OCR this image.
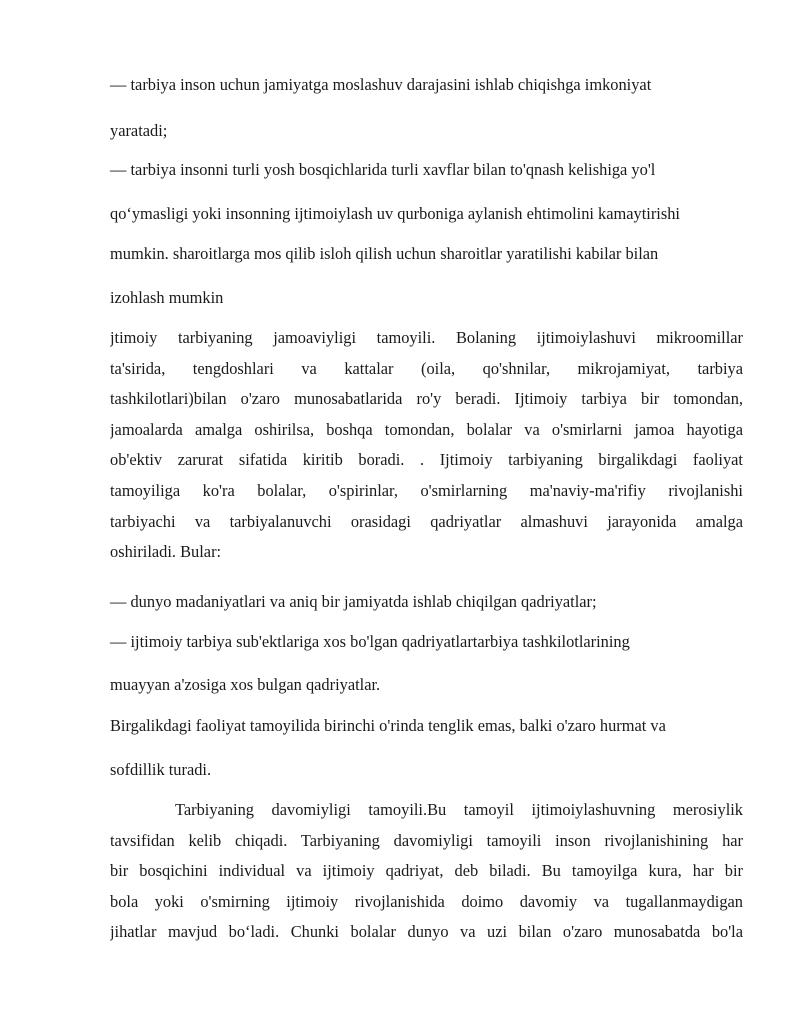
— tarbiya inson uchun jamiyatga moslashuv darajasini ishlab chiqishga imkoniyat
yaratadi;
— tarbiya insonni turli yosh bosqichlarida turli xavflar bilan to'qnash kelishiga yo'l
qo‘ymasligi yoki insonning ijtimoiylash uv qurboniga aylanish ehtimolini kamaytirishi
mumkin. sharoitlarga mos qilib isloh qilish uchun sharoitlar yaratilishi kabilar bilan
izohlash mumkin
jtimoiy tarbiyaning jamoaviyligi tamoyili. Bolaning ijtimoiylashuvi mikroomillar
ta'sirida, tengdoshlari va kattalar (oila, qo'shnilar, mikrojamiyat, tarbiya
tashkilotlari)bilan o'zaro munosabatlarida ro'y beradi. Ijtimoiy tarbiya bir tomondan,
jamoalarda amalga oshirilsa, boshqa tomondan, bolalar va o'smirlarni jamoa hayotiga
ob'ektiv zarurat sifatida kiritib boradi. . Ijtimoiy tarbiyaning birgalikdagi faoliyat
tamoyiliga ko'ra bolalar, o'spirinlar, o'smirlarning ma'naviy-ma'rifiy rivojlanishi
tarbiyachi va tarbiyalanuvchi orasidagi qadriyatlar almashuvi jarayonida amalga
oshiriladi. Bular:
— dunyo madaniyatlari va aniq bir jamiyatda ishlab chiqilgan qadriyatlar;
— ijtimoiy tarbiya sub'ektlariga xos bo'lgan qadriyatlartarbiya tashkilotlarining
muayyan a'zosiga xos bulgan qadriyatlar.
Birgalikdagi faoliyat tamoyilida birinchi o'rinda tenglik emas, balki o'zaro hurmat va
sofdillik turadi.
Tarbiyaning davomiyligi tamoyili.Bu tamoyil ijtimoiylashuvning merosiylik
tavsifidan kelib chiqadi. Tarbiyaning davomiyligi tamoyili inson rivojlanishining har
bir bosqichini individual va ijtimoiy qadriyat, deb biladi. Bu tamoyilga kura, har bir
bola yoki o'smirning ijtimoiy rivojlanishida doimo davomiy va tugallanmaydigan
jihatlar mavjud bo‘ladi. Chunki bolalar dunyo va uzi bilan o'zaro munosabatda bo'la
